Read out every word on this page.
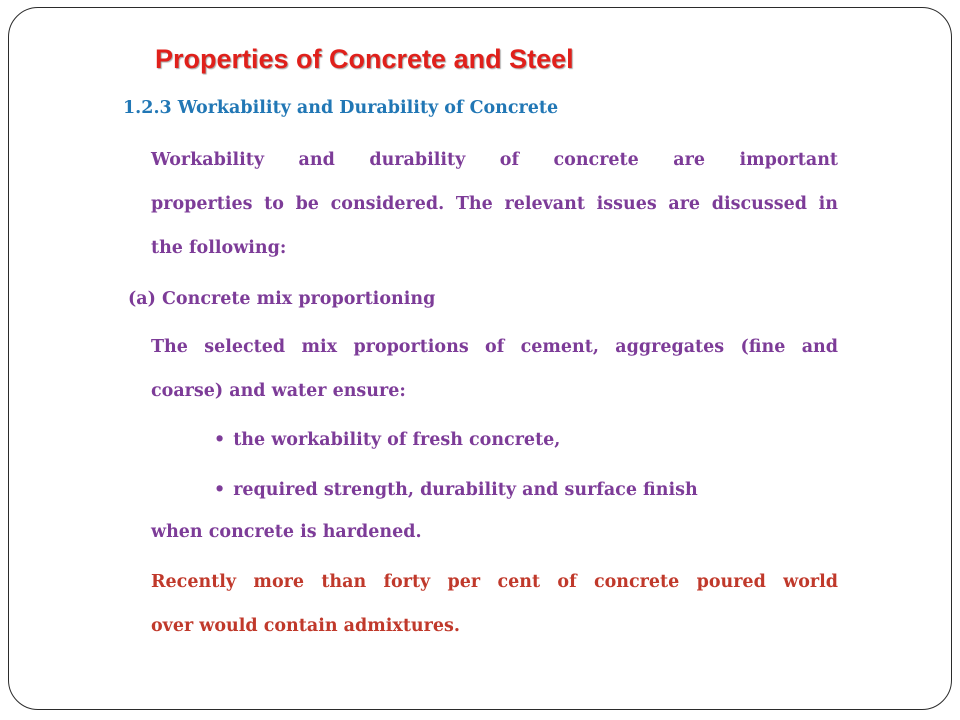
Properties of Concrete and Steel
1.2.3 Workability and Durability of Concrete
Workability and durability of concrete are important
properties to be considered. The relevant issues are discussed in
the following:
(a) Concrete mix proportioning
The selected mix proportions of cement, aggregates (fine and
coarse) and water ensure:
• the workability of fresh concrete,
• required strength, durability and surface finish
when concrete is hardened.
Recently more than forty per cent of concrete poured world
over would contain admixtures.
